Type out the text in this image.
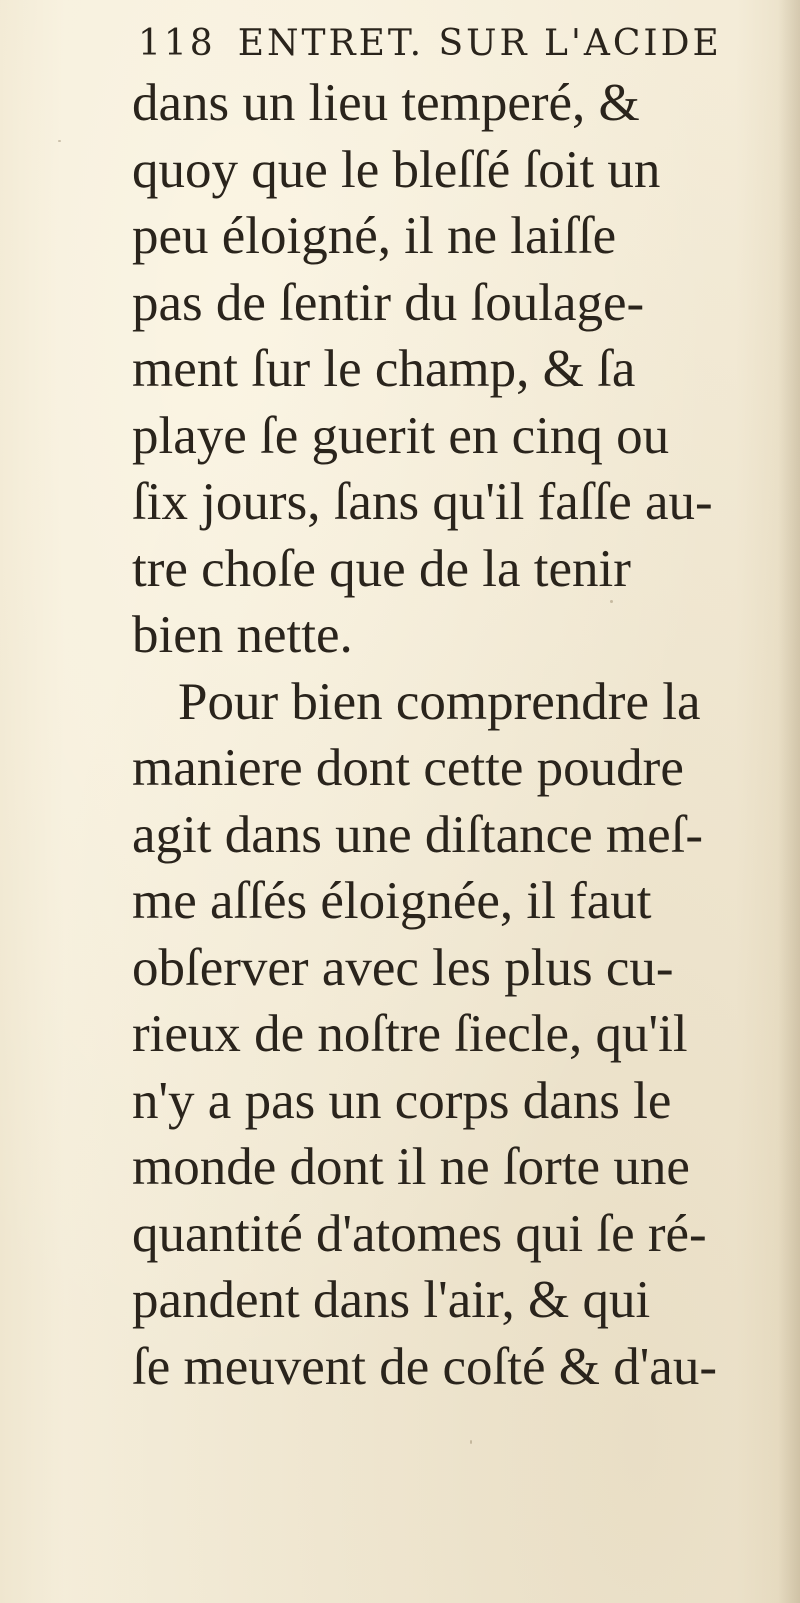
118 ENTRET. SUR L'ACIDE
dans un lieu temperé, &
quoy que le bleſſé ſoit un
peu éloigné, il ne laiſſe
pas de ſentir du ſoulage-
ment ſur le champ, & ſa
playe ſe guerit en cinq ou
ſix jours, ſans qu'il faſſe au-
tre choſe que de la tenir
bien nette.
Pour bien comprendre la
maniere dont cette poudre
agit dans une diſtance meſ-
me aſſés éloignée, il faut
obſerver avec les plus cu-
rieux de noſtre ſiecle, qu'il
n'y a pas un corps dans le
monde dont il ne ſorte une
quantité d'atomes qui ſe ré-
pandent dans l'air, & qui
ſe meuvent de coſté & d'au-
